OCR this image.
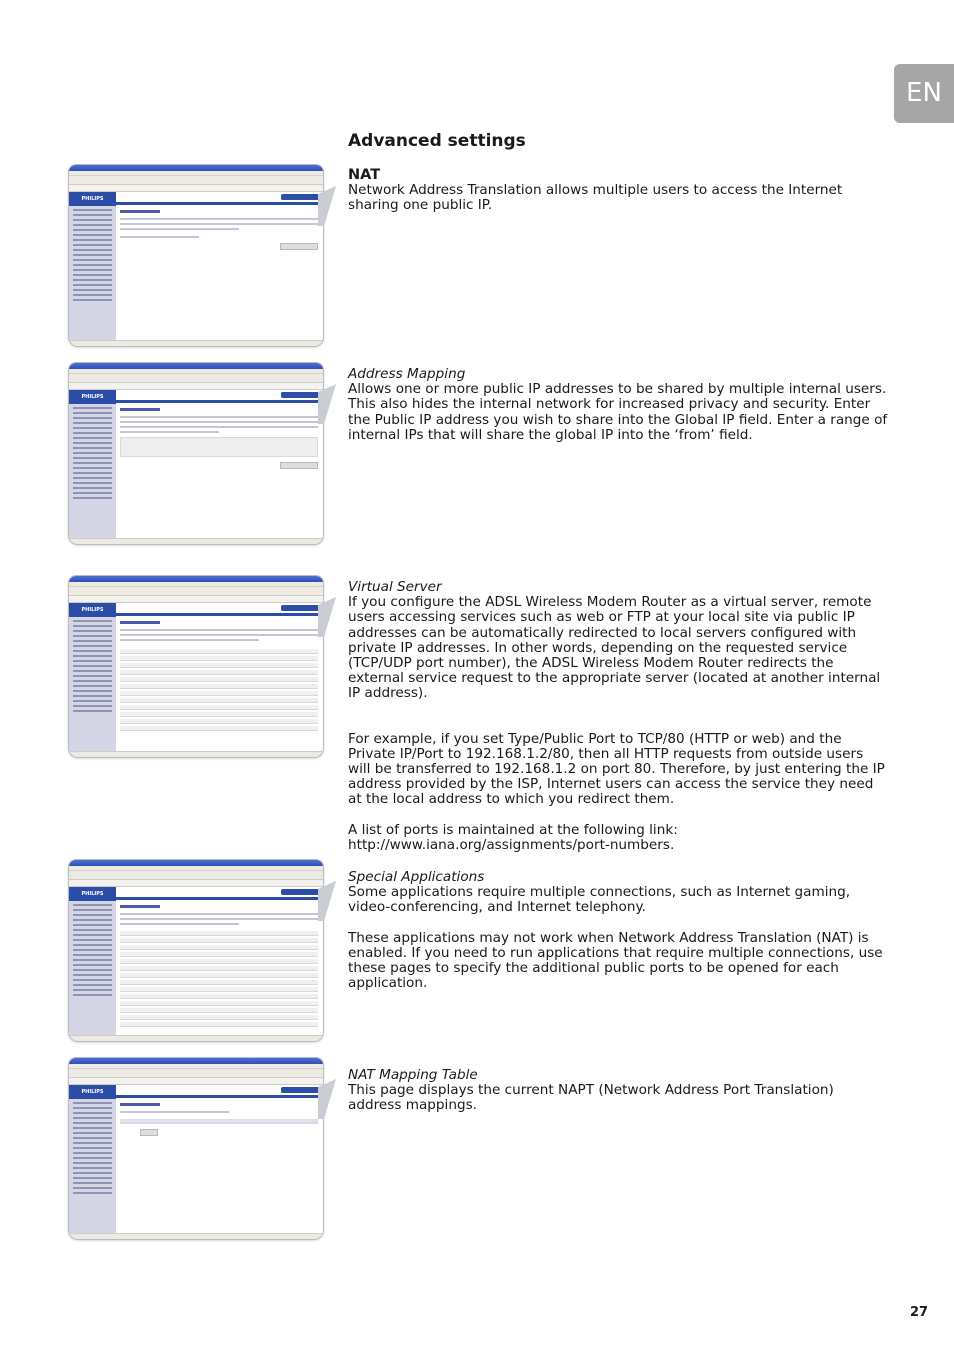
EN
Advanced settings

NAT

Network Address Translation allows multiple users to access the Internet sharing one public IP.

Address Mapping

Allows one or more public IP addresses to be shared by multiple internal users. This also hides the internal network for increased privacy and security. Enter the Public IP address you wish to share into the Global IP field. Enter a range of internal IPs that will share the global IP into the ‘from’ field.

Virtual Server

If you configure the ADSL Wireless Modem Router as a virtual server, remote users accessing services such as web or FTP at your local site via public IP addresses can be automatically redirected to local servers configured with private IP addresses. In other words, depending on the requested service (TCP/UDP port number), the ADSL Wireless Modem Router redirects the external service request to the appropriate server (located at another internal IP address).

For example, if you set Type/Public Port to TCP/80 (HTTP or web) and the Private IP/Port to 192.168.1.2/80, then all HTTP requests from outside users will be transferred to 192.168.1.2 on port 80. Therefore, by just entering the IP address provided by the ISP, Internet users can access the service they need at the local address to which you redirect them.

A list of ports is maintained at the following link:

http://www.iana.org/assignments/port-numbers.

Special Applications

Some applications require multiple connections, such as Internet gaming, video-conferencing, and Internet telephony.

These applications may not work when Network Address Translation (NAT) is enabled. If you need to run applications that require multiple connections, use these pages to specify the additional public ports to be opened for each application.

NAT Mapping Table

This page displays the current NAPT (Network Address Port Translation) address mappings.

PHILIPS
PHILIPS
PHILIPS
PHILIPS
PHILIPS
27
